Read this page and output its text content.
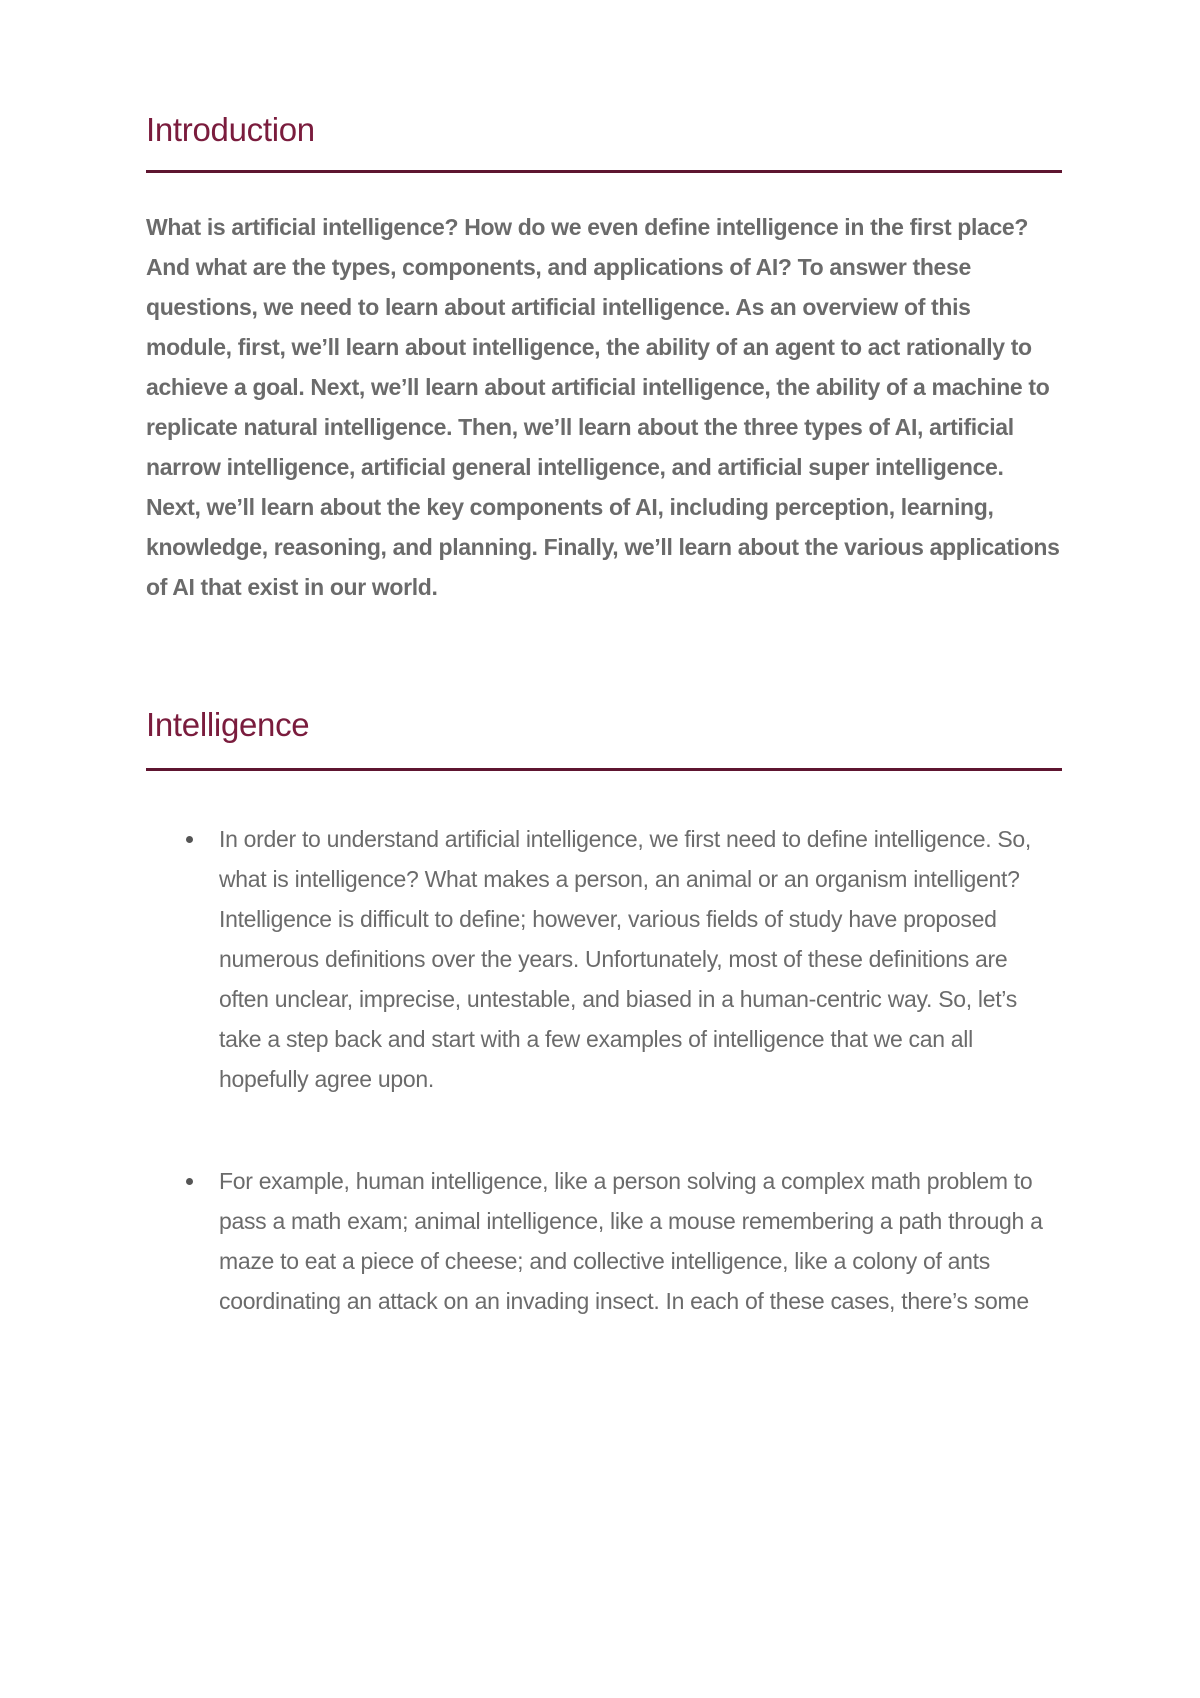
Introduction

What is artificial intelligence? How do we even define intelligence in the first place? And what are the types, components, and applications of AI? To answer these questions, we need to learn about artificial intelligence. As an overview of this module, first, we’ll learn about intelligence, the ability of an agent to act rationally to achieve a goal. Next, we’ll learn about artificial intelligence, the ability of a machine to replicate natural intelligence. Then, we’ll learn about the three types of AI, artificial narrow intelligence, artificial general intelligence, and artificial super intelligence. Next, we’ll learn about the key components of AI, including perception, learning, knowledge, reasoning, and planning. Finally, we’ll learn about the various applications of AI that exist in our world.

Intelligence
In order to understand artificial intelligence, we first need to define intelligence. So, what is intelligence? What makes a person, an animal or an organism intelligent? Intelligence is difficult to define; however, various fields of study have proposed numerous definitions over the years. Unfortunately, most of these definitions are often unclear, imprecise, untestable, and biased in a human-centric way. So, let’s take a step back and start with a few examples of intelligence that we can all hopefully agree upon.
For example, human intelligence, like a person solving a complex math problem to pass a math exam; animal intelligence, like a mouse remembering a path through a maze to eat a piece of cheese; and collective intelligence, like a colony of ants coordinating an attack on an invading insect. In each of these cases, there’s some
